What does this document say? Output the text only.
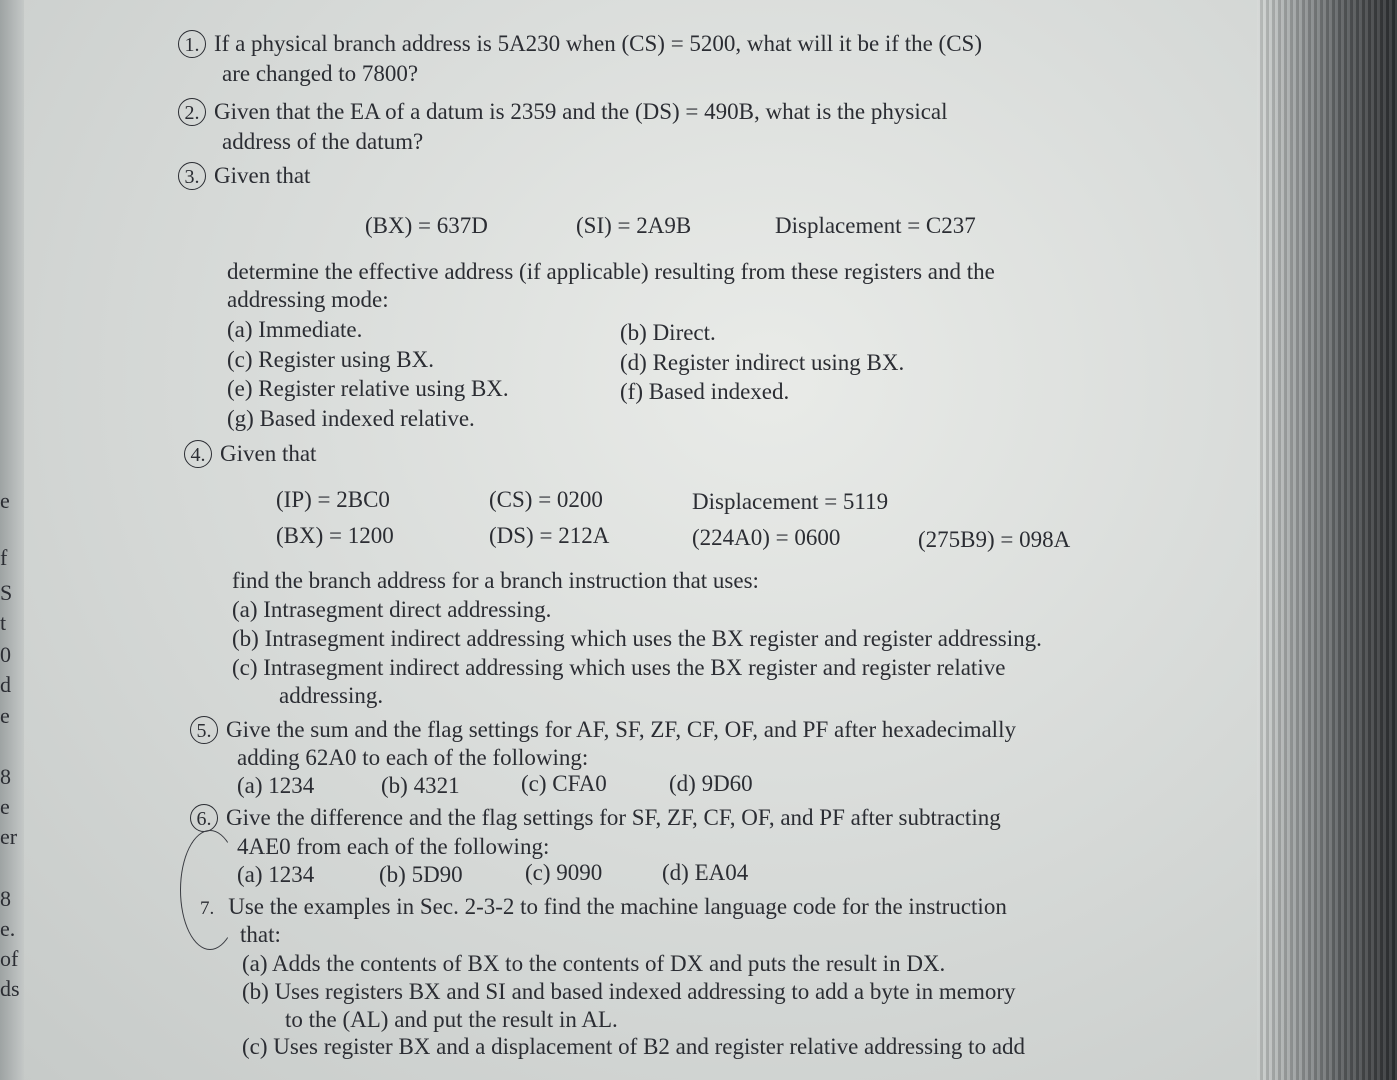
e
f
S
t
0
d
e
8
e
er
8
e.
of
ds
1. If a physical branch address is 5A230 when (CS) = 5200, what will it be if the (CS)
are changed to 7800?
2. Given that the EA of a datum is 2359 and the (DS) = 490B, what is the physical
address of the datum?
3. Given that
(BX) = 637D	(SI) = 2A9B	Displacement = C237
determine the effective address (if applicable) resulting from these registers and the
addressing mode:
(a) Immediate.	(b) Direct.
(c) Register using BX.	(d) Register indirect using BX.
(e) Register relative using BX.	(f) Based indexed.
(g) Based indexed relative.
4. Given that
(IP) = 2BC0	(CS) = 0200	Displacement = 5119
(BX) = 1200	(DS) = 212A	(224A0) = 0600	(275B9) = 098A
find the branch address for a branch instruction that uses:
(a) Intrasegment direct addressing.
(b) Intrasegment indirect addressing which uses the BX register and register addressing.
(c) Intrasegment indirect addressing which uses the BX register and register relative
addressing.
5. Give the sum and the flag settings for AF, SF, ZF, CF, OF, and PF after hexadecimally
adding 62A0 to each of the following:
(a) 1234	(b) 4321	(c) CFA0	(d) 9D60
6. Give the difference and the flag settings for SF, ZF, CF, OF, and PF after subtracting
4AE0 from each of the following:
(a) 1234	(b) 5D90	(c) 9090	(d) EA04
7. Use the examples in Sec. 2-3-2 to find the machine language code for the instruction
that:
(a) Adds the contents of BX to the contents of DX and puts the result in DX.
(b) Uses registers BX and SI and based indexed addressing to add a byte in memory
to the (AL) and put the result in AL.
(c) Uses register BX and a displacement of B2 and register relative addressing to add
